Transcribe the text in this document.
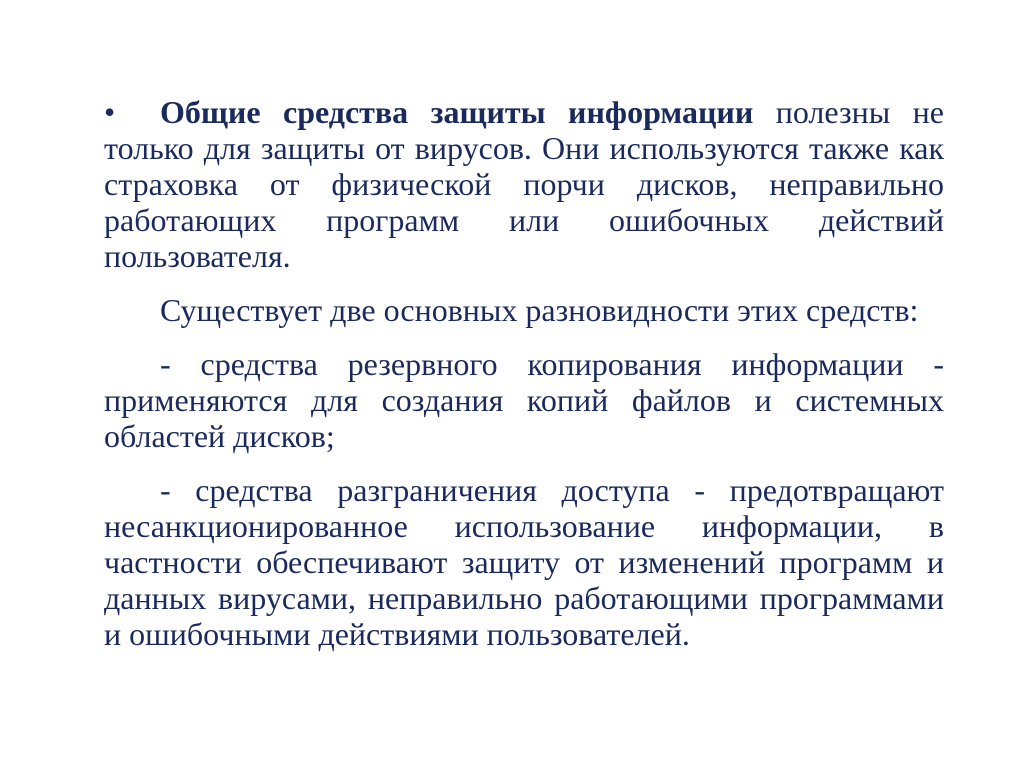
• Общие средства защиты информации полезны не только для защиты от вирусов. Они используются также как страховка от физической порчи дисков, неправильно работающих программ или ошибочных действий пользователя.

Существует две основных разновидности этих средств:

- средства резервного копирования информации - применяются для создания копий файлов и системных областей дисков;

- средства разграничения доступа - предотвращают несанкционированное использование информации, в частности обеспечивают защиту от изменений программ и данных вирусами, неправильно работающими программами и ошибочными действиями пользователей.
